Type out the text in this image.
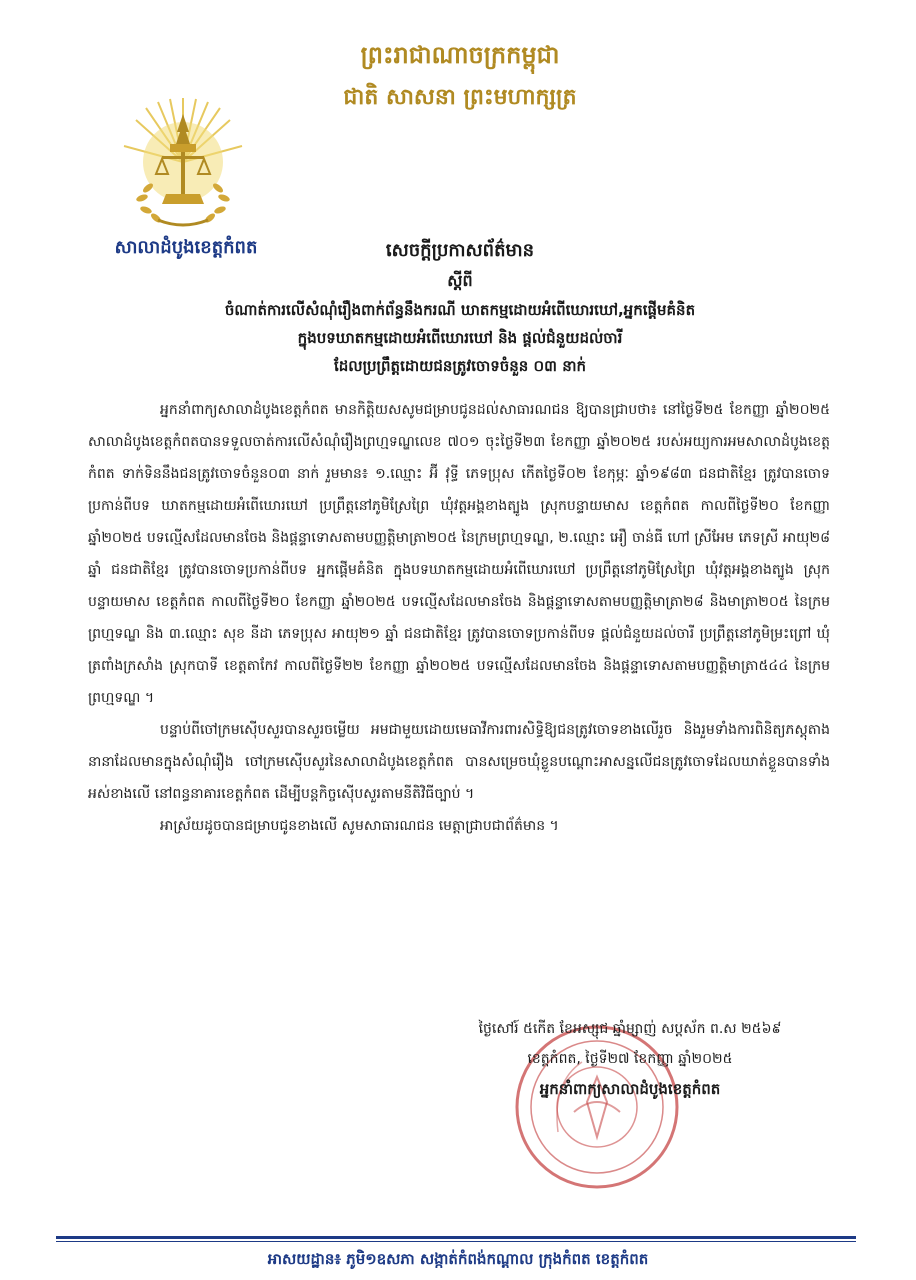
ព្រះរាជាណាចក្រកម្ពុជា
ជាតិ សាសនា ព្រះមហាក្សត្រ
សាលាដំបូងខេត្តកំពត	សេចក្តីប្រកាសព័ត៌មាន
ស្តីពី
ចំណាត់ការលើសំណុំរឿងពាក់ព័ន្ធនឹងករណី ឃាតកម្មដោយអំពើឃោរឃៅ,អ្នកផ្តើមគំនិត
ក្នុងបទឃាតកម្មដោយអំពើឃោរឃៅ និង ផ្តល់ជំនួយដល់ចារី
ដែលប្រព្រឹត្តដោយជនត្រូវចោទចំនួន ០៣ នាក់

អ្នកនាំពាក្យសាលាដំបូងខេត្តកំពត មានកិត្តិយសសូមជម្រាបជូនដល់សាធារណជន ឱ្យបានជ្រាបថា៖ នៅថ្ងៃទី២៥ ខែកញ្ញា ឆ្នាំ២០២៥ សាលាដំបូងខេត្តកំពតបានទទួលចាត់ការលើសំណុំរឿងព្រហ្មទណ្ឌលេខ ៧០១ ចុះថ្ងៃទី២៣ ខែកញ្ញា ឆ្នាំ២០២៥ របស់អយ្យការអមសាលាដំបូងខេត្តកំពត ទាក់ទិននឹងជនត្រូវចោទចំនួន០៣ នាក់ រួមមាន៖ ១.ឈ្មោះ អ៊ី វុទ្ធី ភេទប្រុស កើតថ្ងៃទី០២ ខែកុម្ភៈ ឆ្នាំ១៩៨៣ ជនជាតិខ្មែរ ត្រូវបានចោទប្រកាន់ពីបទ ឃាតកម្មដោយអំពើឃោរឃៅ ប្រព្រឹត្តនៅភូមិស្រែព្រៃ ឃុំវត្តអង្គខាងត្បូង ស្រុកបន្ទាយមាស ខេត្តកំពត កាលពីថ្ងៃទី២០ ខែកញ្ញា ឆ្នាំ២០២៥ បទល្មើសដែលមានចែង និងផ្តន្ទាទោសតាមបញ្ញត្តិមាត្រា២០៥ នៃក្រមព្រហ្មទណ្ឌ, ២.ឈ្មោះ អឿ ចាន់ធី ហៅ ស្រីអែម ភេទស្រី អាយុ២៨ ឆ្នាំ ជនជាតិខ្មែរ ត្រូវបានចោទប្រកាន់ពីបទ អ្នកផ្តើមគំនិត ក្នុងបទឃាតកម្មដោយអំពើឃោរឃៅ ប្រព្រឹត្តនៅភូមិស្រែព្រៃ ឃុំវត្តអង្គខាងត្បូង ស្រុកបន្ទាយមាស ខេត្តកំពត កាលពីថ្ងៃទី២០ ខែកញ្ញា ឆ្នាំ២០២៥ បទល្មើសដែលមានចែង និងផ្តន្ទាទោសតាមបញ្ញត្តិមាត្រា២៨ និងមាត្រា២០៥ នៃក្រមព្រហ្មទណ្ឌ និង ៣.ឈ្មោះ សុខ នីដា ភេទប្រុស អាយុ២១ ឆ្នាំ ជនជាតិខ្មែរ ត្រូវបានចោទប្រកាន់ពីបទ ផ្តល់ជំនួយដល់ចារី ប្រព្រឹត្តនៅភូមិម្រះព្រៅ ឃុំត្រពាំងក្រសាំង ស្រុកបាទី ខេត្តតាកែវ កាលពីថ្ងៃទី២២ ខែកញ្ញា ឆ្នាំ២០២៥ បទល្មើសដែលមានចែង និងផ្តន្ទាទោសតាមបញ្ញត្តិមាត្រា៥៤៤ នៃក្រមព្រហ្មទណ្ឌ ។

បន្ទាប់ពីចៅក្រមស៊ើបសួរបានសួរចម្លើយ អមជាមួយដោយមេធាវីការពារសិទ្ធិឱ្យជនត្រូវចោទខាងលើរួច និងរួមទាំងការពិនិត្យភស្តុតាងនានាដែលមានក្នុងសំណុំរឿង ចៅក្រមស៊ើបសួរនៃសាលាដំបូងខេត្តកំពត បានសម្រេចឃុំខ្លួនបណ្តោះអាសន្នលើជនត្រូវចោទដែលឃាត់ខ្លួនបានទាំងអស់ខាងលើ នៅពន្ធនាគារខេត្តកំពត ដើម្បីបន្តកិច្ចស៊ើបសួរតាមនីតិវិធីច្បាប់ ។

អាស្រ័យដូចបានជម្រាបជូនខាងលើ សូមសាធារណជន មេត្តាជ្រាបជាព័ត៌មាន ។

ថ្ងៃសៅរ៍ ៥កើត ខែអស្សុជ ឆ្នាំម្សាញ់ សប្តស័ក ព.ស ២៥៦៩
ខេត្តកំពត, ថ្ងៃទី២៧ ខែកញ្ញា ឆ្នាំ២០២៥
អ្នកនាំពាក្យសាលាដំបូងខេត្តកំពត
អាសយដ្ឋាន៖ ភូមិ១ឧសភា សង្កាត់កំពង់កណ្តាល ក្រុងកំពត ខេត្តកំពត
